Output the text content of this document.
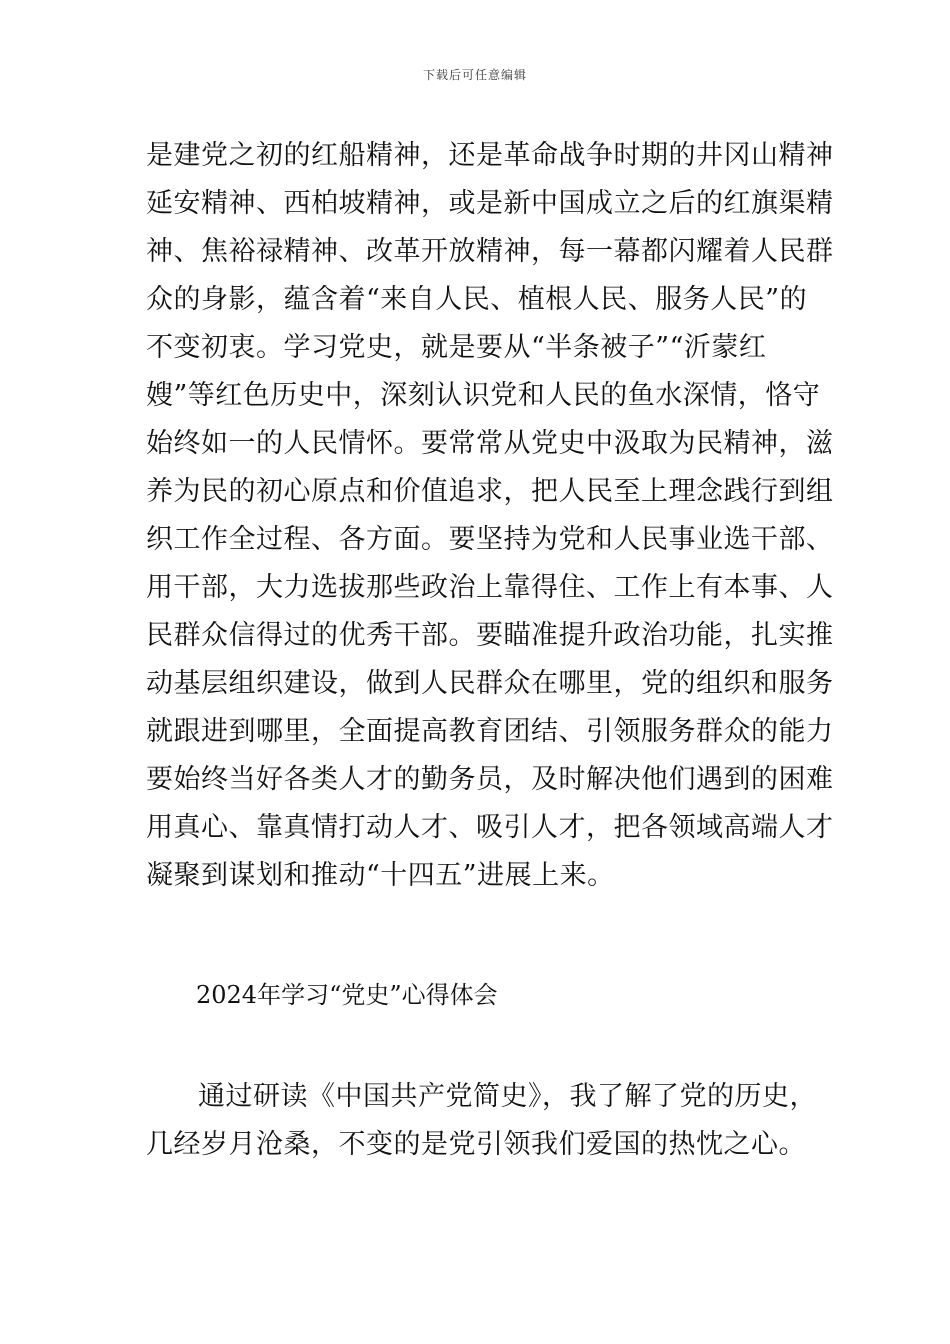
下载后可任意编辑
是建党之初的红船精神，还是革命战争时期的井冈山精神
延安精神、西柏坡精神，或是新中国成立之后的红旗渠精
神、焦裕禄精神、改革开放精神，每一幕都闪耀着人民群
众的身影，蕴含着“来自人民、植根人民、服务人民”的
不变初衷。学习党史，就是要从“半条被子”“沂蒙红
嫂”等红色历史中，深刻认识党和人民的鱼水深情，恪守
始终如一的人民情怀。要常常从党史中汲取为民精神，滋
养为民的初心原点和价值追求，把人民至上理念践行到组
织工作全过程、各方面。要坚持为党和人民事业选干部、
用干部，大力选拔那些政治上靠得住、工作上有本事、人
民群众信得过的优秀干部。要瞄准提升政治功能，扎实推
动基层组织建设，做到人民群众在哪里，党的组织和服务
就跟进到哪里，全面提高教育团结、引领服务群众的能力
要始终当好各类人才的勤务员，及时解决他们遇到的困难
用真心、靠真情打动人才、吸引人才，把各领域高端人才
凝聚到谋划和推动“十四五”进展上来。
2024年学习“党史”心得体会
通过研读《中国共产党简史》，我了解了党的历史，
几经岁月沧桑，不变的是党引领我们爱国的热忱之心。
